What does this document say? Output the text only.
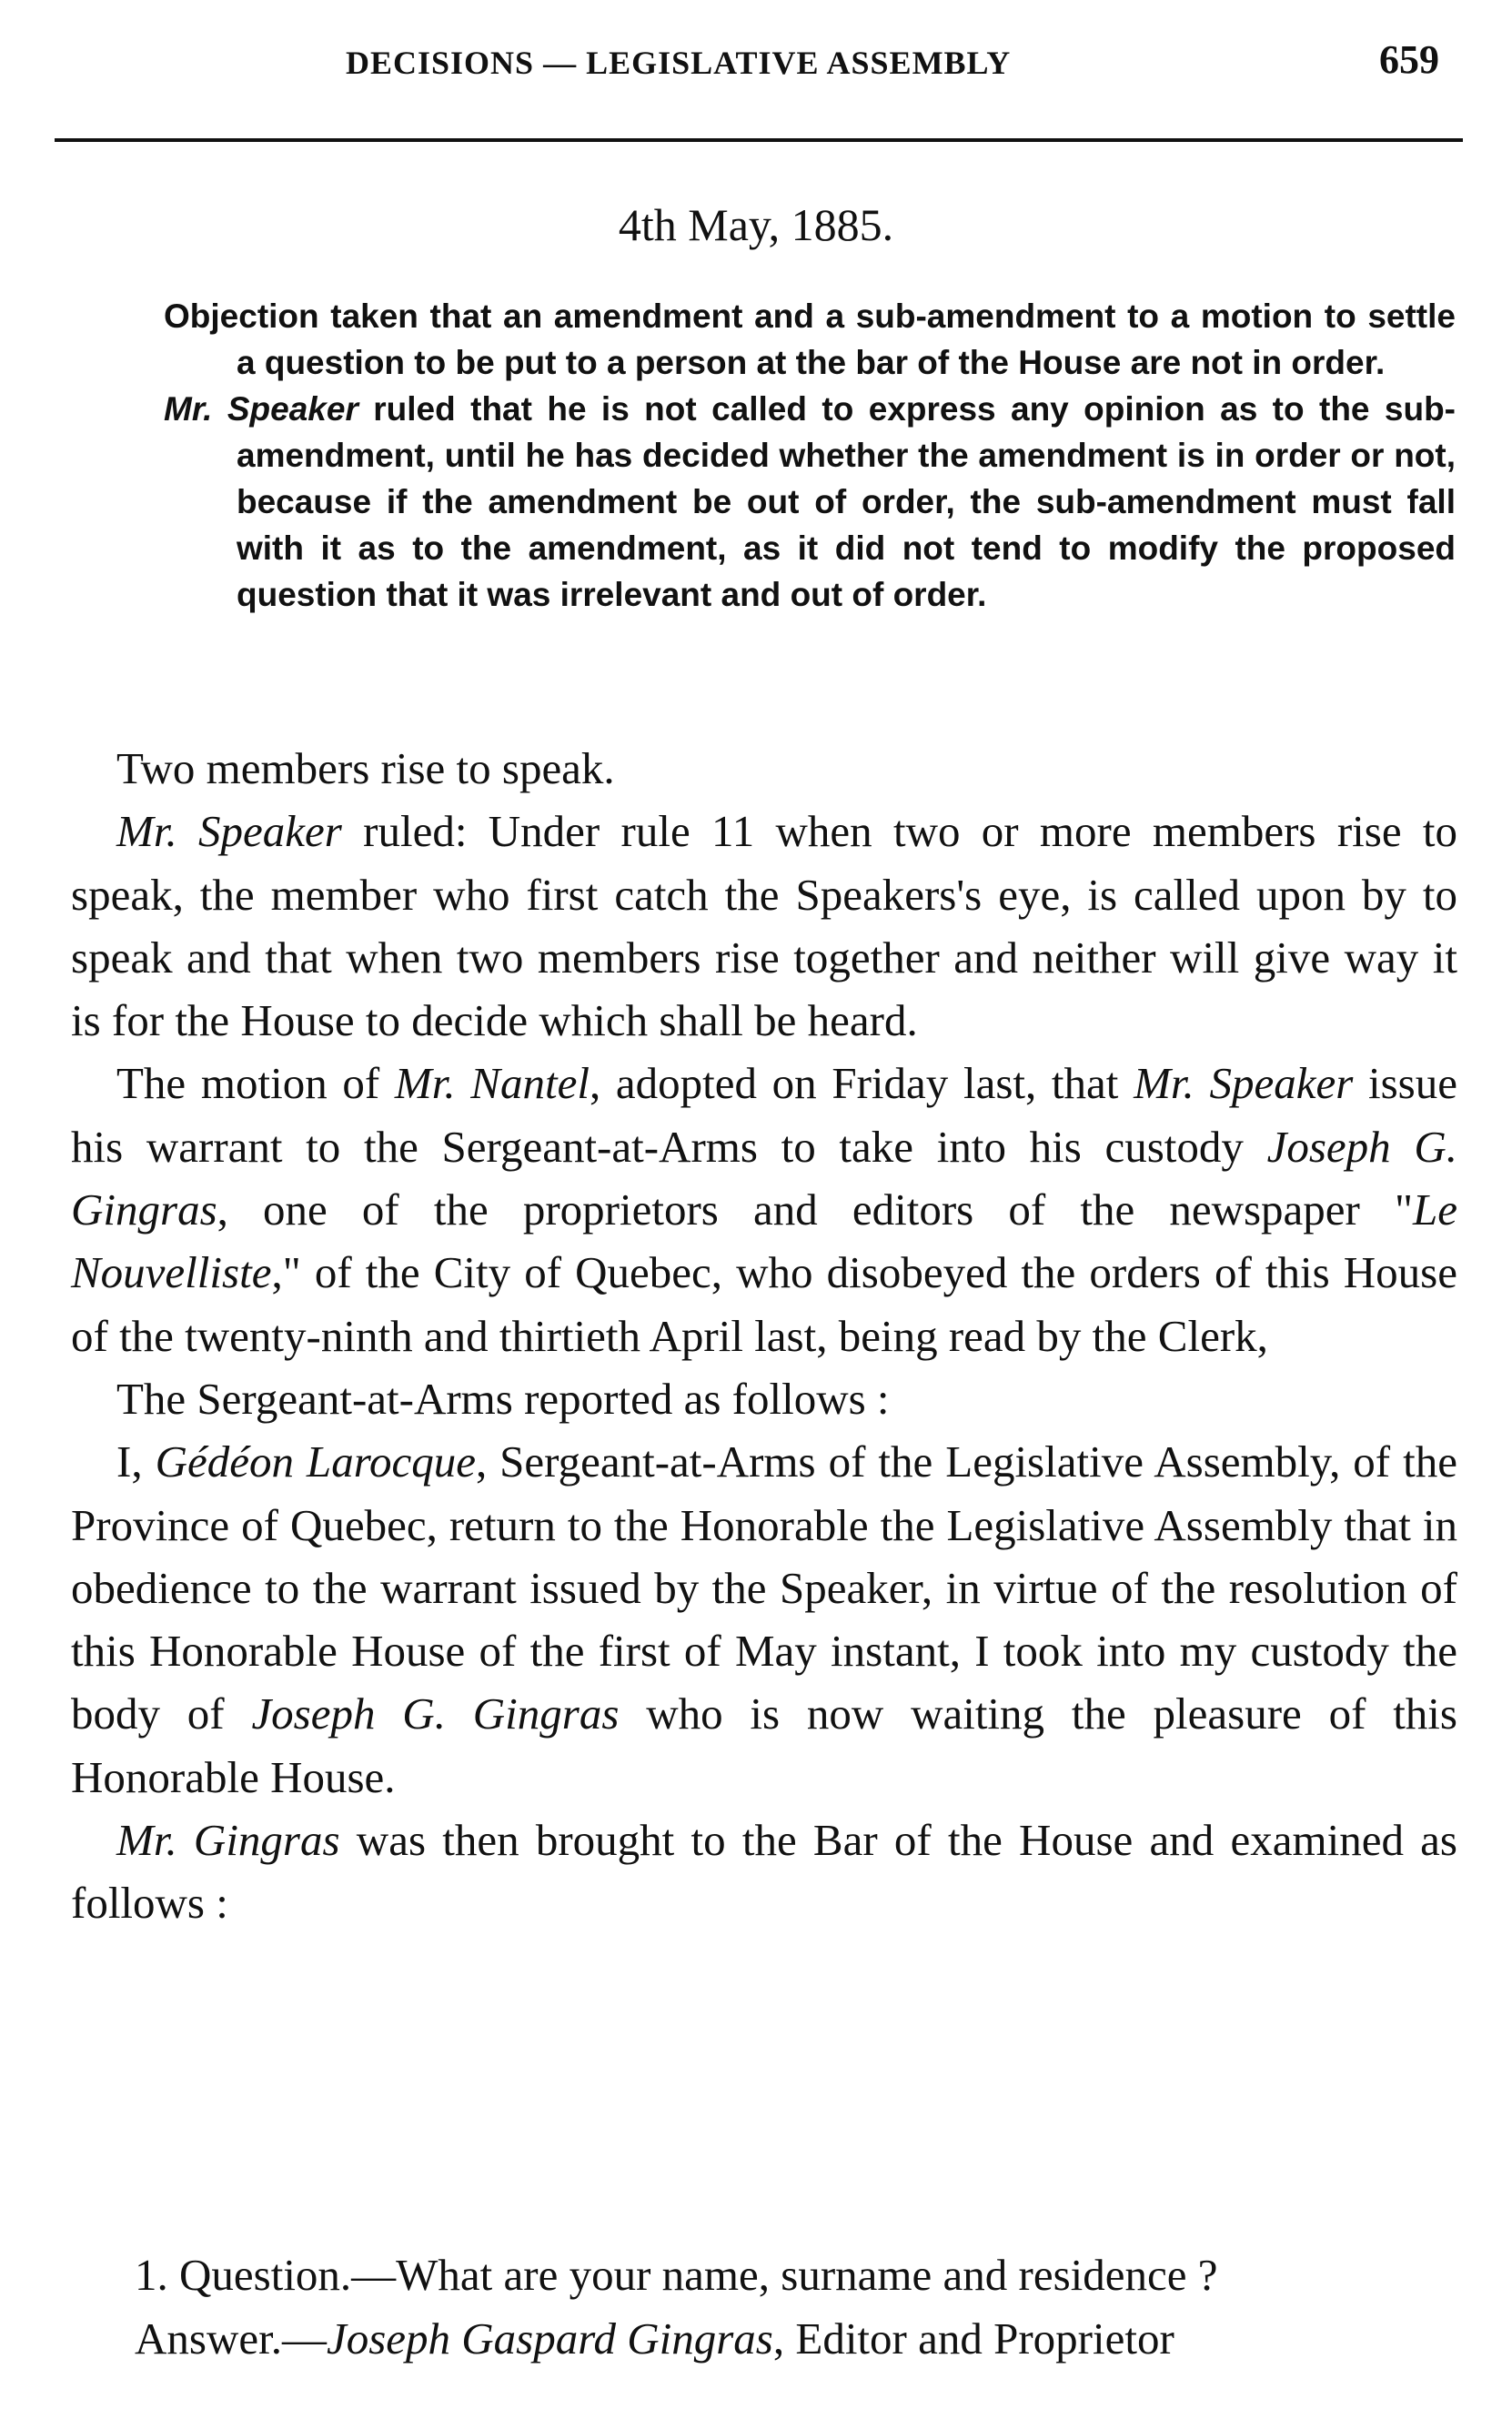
DECISIONS — LEGISLATIVE ASSEMBLY	659
4th May, 1885.

Objection taken that an amendment and a sub-amendment to a motion to settle a question to be put to a person at the bar of the House are not in order.

Mr. Speaker ruled that he is not called to express any opinion as to the sub-amendment, until he has decided whether the amendment is in order or not, because if the amendment be out of order, the sub-amendment must fall with it as to the amendment, as it did not tend to modify the proposed question that it was irrelevant and out of order.

Two members rise to speak.

Mr. Speaker ruled: Under rule 11 when two or more members rise to speak, the member who first catch the Speakers's eye, is called upon by to speak and that when two members rise together and neither will give way it is for the House to decide which shall be heard.

The motion of Mr. Nantel, adopted on Friday last, that Mr. Speaker issue his warrant to the Sergeant-at-Arms to take into his custody Joseph G. Gingras, one of the proprietors and editors of the newspaper "Le Nouvelliste," of the City of Quebec, who disobeyed the orders of this House of the twenty-ninth and thirtieth April last, being read by the Clerk,

The Sergeant-at-Arms reported as follows :

I, Gédéon Larocque, Sergeant-at-Arms of the Legislative Assembly, of the Province of Quebec, return to the Honorable the Legislative Assembly that in obedience to the warrant issued by the Speaker, in virtue of the resolution of this Honorable House of the first of May instant, I took into my custody the body of Joseph G. Gingras who is now waiting the pleasure of this Honorable House.

Mr. Gingras was then brought to the Bar of the House and examined as follows :

1. Question.—What are your name, surname and residence ?

Answer.—Joseph Gaspard Gingras, Editor and Proprietor
